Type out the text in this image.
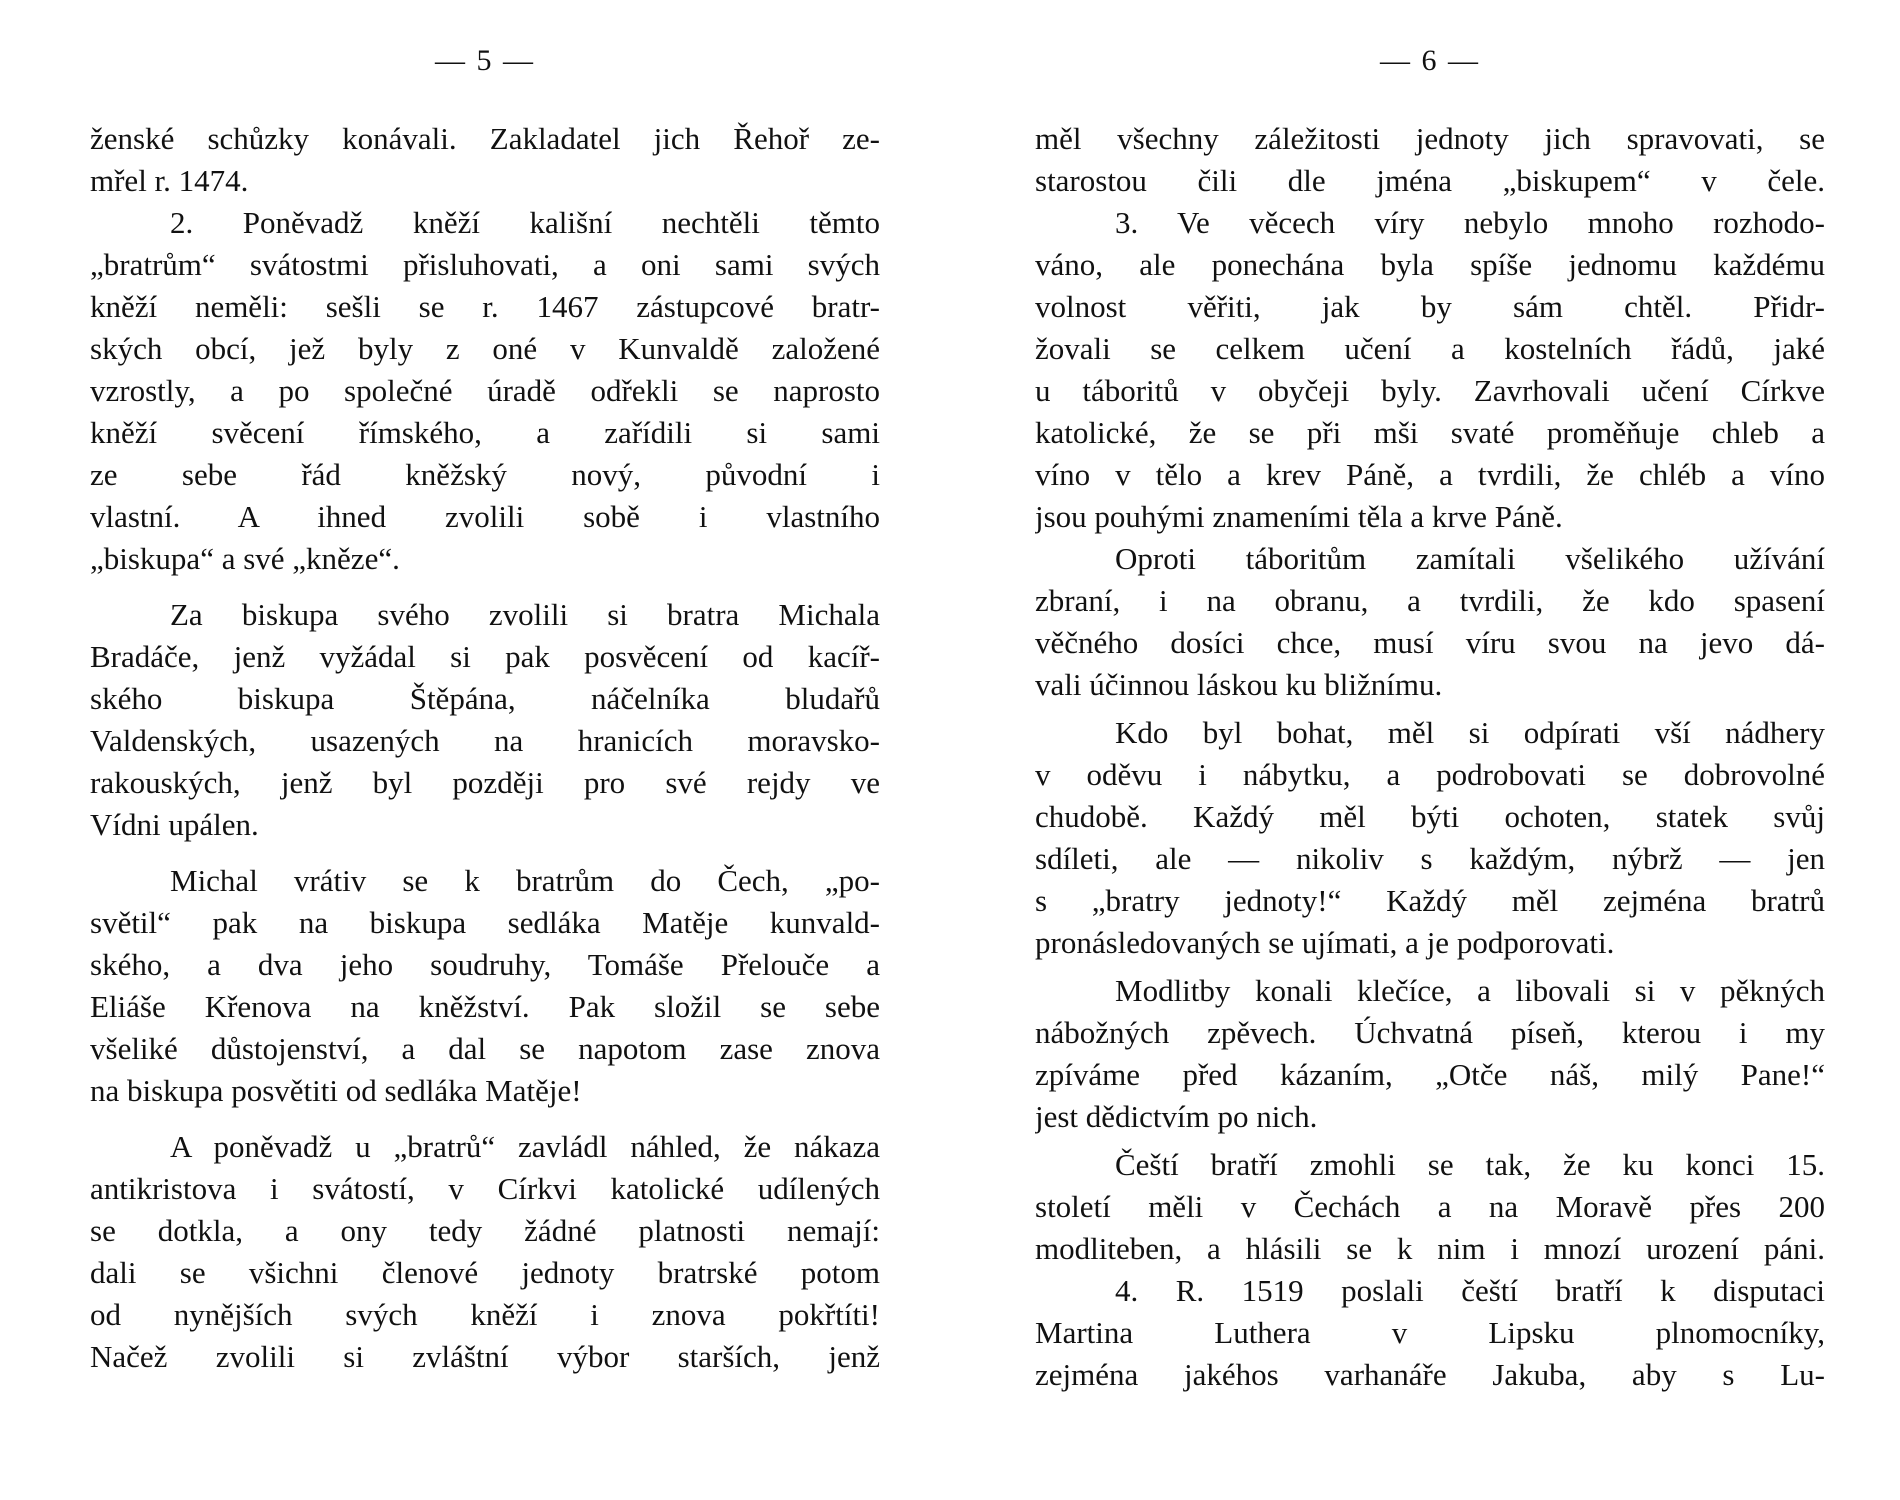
— 5 —
ženské schůzky konávali. Zakladatel jich Řehoř ze-
mřel r. 1474.
2. Poněvadž kněží kališní nechtěli těmto
„bratrům“ svátostmi přisluhovati, a oni sami svých
kněží neměli: sešli se r. 1467 zástupcové bratr-
ských obcí, jež byly z oné v Kunvaldě založené
vzrostly, a po společné úradě odřekli se naprosto
kněží svěcení římského, a zařídili si sami
ze sebe řád kněžský nový, původní i
vlastní. A ihned zvolili sobě i vlastního
„biskupa“ a své „kněze“.
Za biskupa svého zvolili si bratra Michala
Bradáče, jenž vyžádal si pak posvěcení od kacíř-
ského biskupa Štěpána, náčelníka bludařů
Valdenských, usazených na hranicích moravsko-
rakouských, jenž byl později pro své rejdy ve
Vídni upálen.
Michal vrátiv se k bratrům do Čech, „po-
světil“ pak na biskupa sedláka Matěje kunvald-
ského, a dva jeho soudruhy, Tomáše Přelouče a
Eliáše Křenova na kněžství. Pak složil se sebe
všeliké důstojenství, a dal se napotom zase znova
na biskupa posvětiti od sedláka Matěje!
A poněvadž u „bratrů“ zavládl náhled, že nákaza
antikristova i svátostí, v Církvi katolické udílených
se dotkla, a ony tedy žádné platnosti nemají:
dali se všichni členové jednoty bratrské potom
od nynějších svých kněží i znova pokřtíti!
Načež zvolili si zvláštní výbor starších, jenž
— 6 —
měl všechny záležitosti jednoty jich spravovati, se
starostou čili dle jména „biskupem“ v čele.
3. Ve věcech víry nebylo mnoho rozhodo-
váno, ale ponechána byla spíše jednomu každému
volnost věřiti, jak by sám chtěl. Přidr-
žovali se celkem učení a kostelních řádů, jaké
u táboritů v obyčeji byly. Zavrhovali učení Církve
katolické, že se při mši svaté proměňuje chleb a
víno v tělo a krev Páně, a tvrdili, že chléb a víno
jsou pouhými znameními těla a krve Páně.
Oproti táboritům zamítali všelikého užívání
zbraní, i na obranu, a tvrdili, že kdo spasení
věčného dosíci chce, musí víru svou na jevo dá-
vali účinnou láskou ku bližnímu.
Kdo byl bohat, měl si odpírati vší nádhery
v oděvu i nábytku, a podrobovati se dobrovolné
chudobě. Každý měl býti ochoten, statek svůj
sdíleti, ale — nikoliv s každým, nýbrž — jen
s „bratry jednoty!“ Každý měl zejména bratrů
pronásledovaných se ujímati, a je podporovati.
Modlitby konali klečíce, a libovali si v pěkných
nábožných zpěvech. Úchvatná píseň, kterou i my
zpíváme před kázaním, „Otče náš, milý Pane!“
jest dědictvím po nich.
Čeští bratří zmohli se tak, že ku konci 15.
století měli v Čechách a na Moravě přes 200
modliteben, a hlásili se k nim i mnozí urození páni.
4. R. 1519 poslali čeští bratří k disputaci
Martina Luthera v Lipsku plnomocníky,
zejména jakéhos varhanáře Jakuba, aby s Lu-
